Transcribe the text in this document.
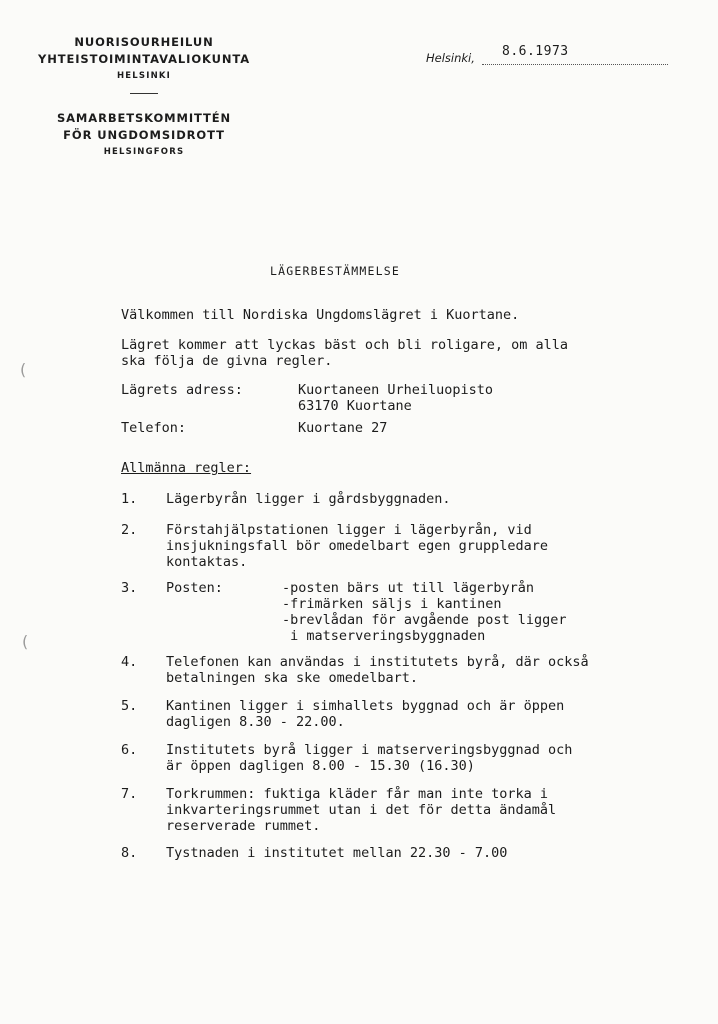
NUORISOURHEILUN
YHTEISTOIMINTAVALIOKUNTA
HELSINKI
SAMARBETSKOMMITTÉN
FÖR UNGDOMSIDROTT
HELSINGFORS
Helsinki, 8.6.1973
LÄGERBESTÄMMELSE
Välkommen till Nordiska Ungdomslägret i Kuortane.
Lägret kommer att lyckas bäst och bli roligare, om alla
ska följa de givna regler.
Lägrets adress:	Kuortaneen Urheiluopisto
63170 Kuortane
Telefon:	Kuortane 27
Allmänna regler:
1. Lägerbyrån ligger i gårdsbyggnaden.
2. Förstahjälpstationen ligger i lägerbyrån, vid
insjukningsfall bör omedelbart egen gruppledare
kontaktas.
3. Posten:	-posten bärs ut till lägerbyrån
-frimärken säljs i kantinen
-brevlådan för avgående post ligger
i matserveringsbyggnaden
4. Telefonen kan användas i institutets byrå, där också
betalningen ska ske omedelbart.
5. Kantinen ligger i simhallets byggnad och är öppen
dagligen 8.30 - 22.00.
6. Institutets byrå ligger i matserveringsbyggnad och
är öppen dagligen 8.00 - 15.30 (16.30)
7. Torkrummen: fuktiga kläder får man inte torka i
inkvarteringsrummet utan i det för detta ändamål
reserverade rummet.
8. Tystnaden i institutet mellan 22.30 - 7.00
(
(
